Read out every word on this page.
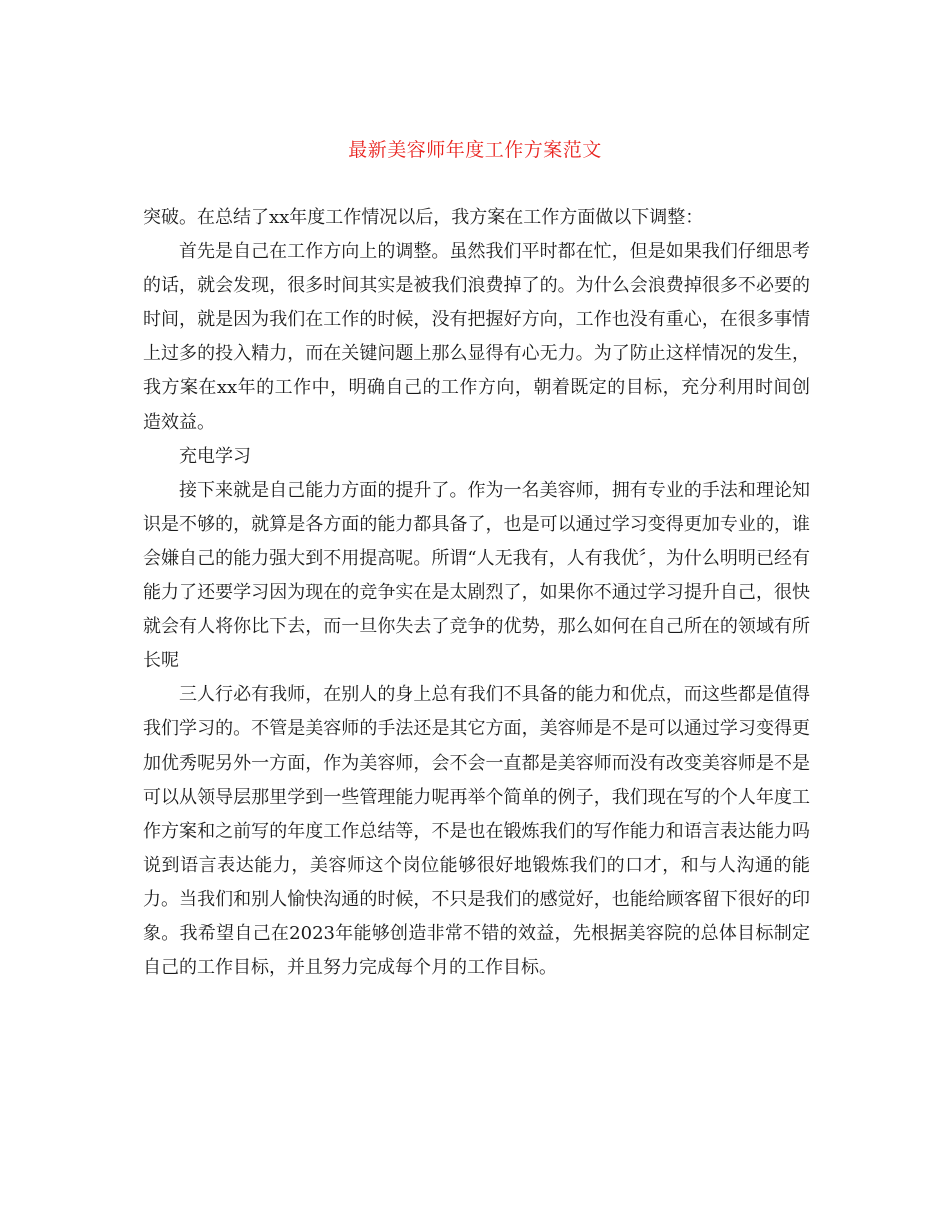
最新美容师年度工作方案范文

突破。在总结了xx年度工作情况以后，我方案在工作方面做以下调整：

首先是自己在工作方向上的调整。虽然我们平时都在忙，但是如果我们仔细思考的话，就会发现，很多时间其实是被我们浪费掉了的。为什么会浪费掉很多不必要的时间，就是因为我们在工作的时候，没有把握好方向，工作也没有重心，在很多事情上过多的投入精力，而在关键问题上那么显得有心无力。为了防止这样情况的发生，我方案在xx年的工作中，明确自己的工作方向，朝着既定的目标，充分利用时间创造效益。

充电学习

接下来就是自己能力方面的提升了。作为一名美容师，拥有专业的手法和理论知识是不够的，就算是各方面的能力都具备了，也是可以通过学习变得更加专业的，谁会嫌自己的能力强大到不用提高呢。所谓“人无我有，人有我优〞，为什么明明已经有能力了还要学习因为现在的竞争实在是太剧烈了，如果你不通过学习提升自己，很快就会有人将你比下去，而一旦你失去了竞争的优势，那么如何在自己所在的领域有所长呢

三人行必有我师，在别人的身上总有我们不具备的能力和优点，而这些都是值得我们学习的。不管是美容师的手法还是其它方面，美容师是不是可以通过学习变得更加优秀呢另外一方面，作为美容师，会不会一直都是美容师而没有改变美容师是不是可以从领导层那里学到一些管理能力呢再举个简单的例子，我们现在写的个人年度工作方案和之前写的年度工作总结等，不是也在锻炼我们的写作能力和语言表达能力吗说到语言表达能力，美容师这个岗位能够很好地锻炼我们的口才，和与人沟通的能力。当我们和别人愉快沟通的时候，不只是我们的感觉好，也能给顾客留下很好的印象。我希望自己在2023年能够创造非常不错的效益，先根据美容院的总体目标制定自己的工作目标，并且努力完成每个月的工作目标。
